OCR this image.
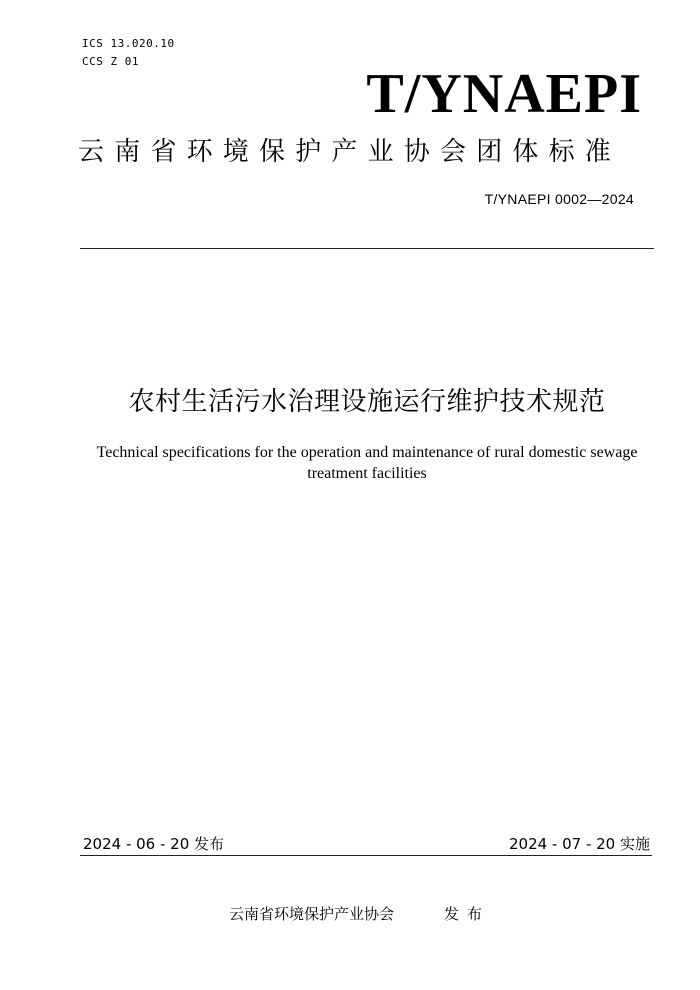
ICS 13.020.10
CCS Z 01
T/YNAEPI
云南省环境保护产业协会团体标准
T/YNAEPI 0002—2024
农村生活污水治理设施运行维护技术规范
Technical specifications for the operation and maintenance of rural domestic sewage treatment facilities
2024 - 06 - 20 发布	2024 - 07 - 20 实施
云南省环境保护产业协会	发布
